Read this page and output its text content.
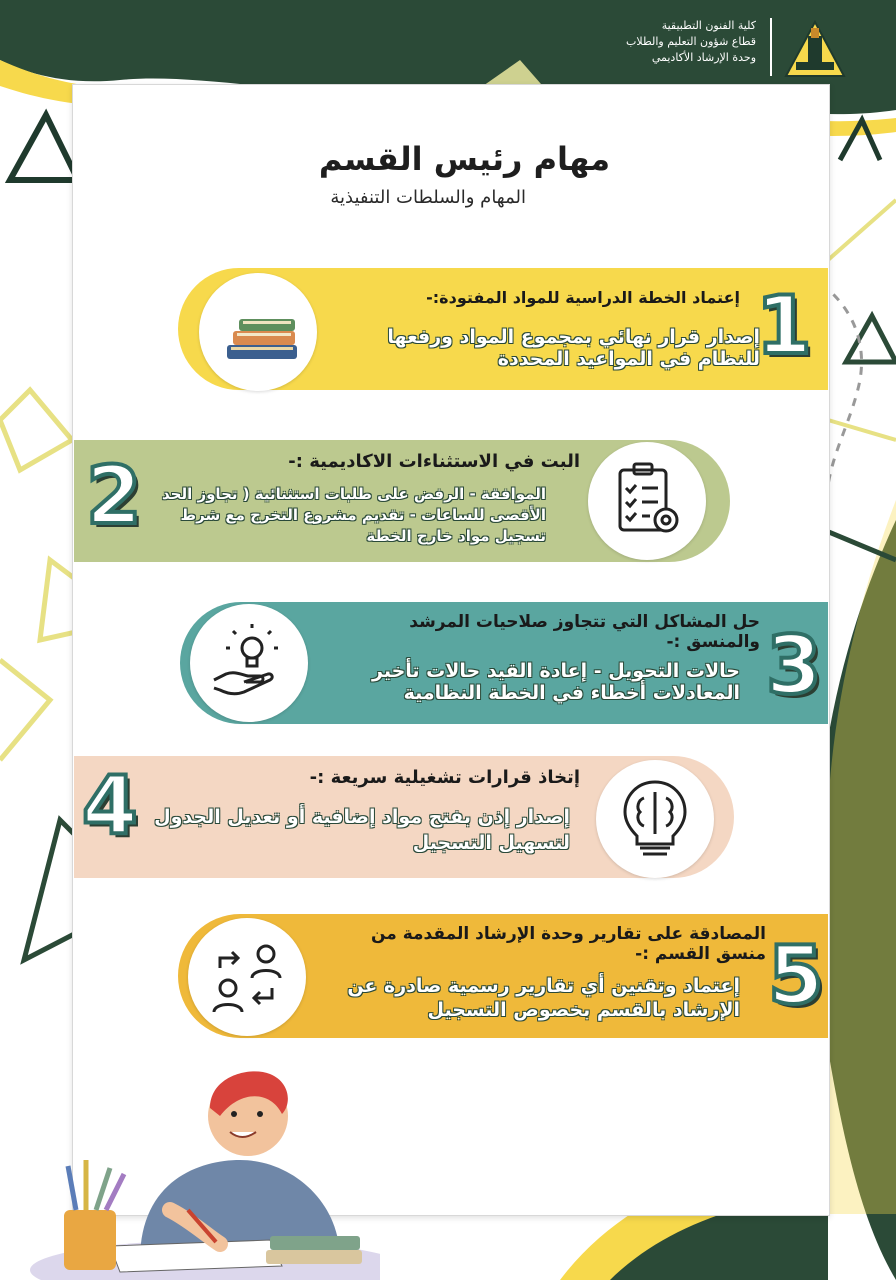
كلية الفنون التطبيقية
قطاع شؤون التعليم والطلاب
وحدة الإرشاد الأكاديمي
مهام رئيس القسم
المهام والسلطات التنفيذية
إعتماد الخطة الدراسية للمواد المفتودة:-
إصدار قرار نهائي بمجموع المواد ورفعها للنظام في المواعيد المحددة
1
البت في الاستثناءات الاكاديمية :-
الموافقة - الرفض على طلبات استثنائية ( تجاوز الحد الأقصى للساعات - تقديم مشروع التخرج مع شرط تسجيل مواد خارج الخطة
2
حل المشاكل التي تتجاوز صلاحيات المرشد والمنسق :-
حالات التحويل - إعادة القيد حالات تأخير المعادلات أخطاء في الخطة النظامية 3
إتخاذ قرارات تشغيلية سريعة :-
إصدار إذن بفتح مواد إضافية أو تعديل الجدول لتسهيل التسجيل
4
المصادقة على تقارير وحدة الإرشاد المقدمة من منسق القسم :-
إعتماد وتقنين أي تقارير رسمية صادرة عن الإرشاد بالقسم بخصوص التسجيل 5
